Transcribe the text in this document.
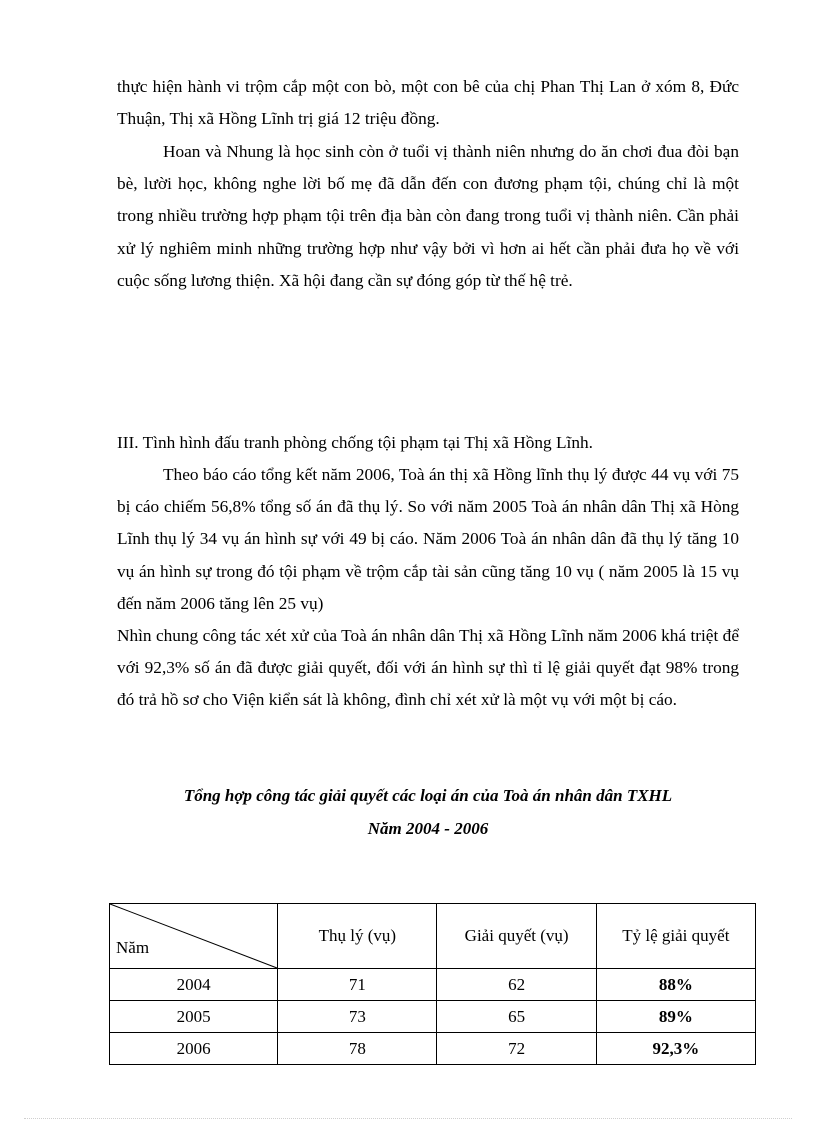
thực hiện hành vi trộm cắp một con bò, một con bê của chị Phan Thị Lan ở xóm 8, Đức Thuận, Thị xã Hồng Lĩnh trị giá 12 triệu đồng.

Hoan và Nhung là học sinh còn ở tuổi vị thành niên nhưng do ăn chơi đua đòi bạn bè, lười học, không nghe lời bố mẹ đã dẫn đến con đương phạm tội, chúng chỉ là một trong nhiều trường hợp phạm tội trên địa bàn còn đang trong tuổi vị thành niên. Cần phải xử lý nghiêm minh những trường hợp như vậy bởi vì hơn ai hết cần phải đưa họ về với cuộc sống lương thiện. Xã hội đang cần sự đóng góp từ thế hệ trẻ.

III. Tình hình đấu tranh phòng chống tội phạm tại Thị xã Hồng Lĩnh.

Theo báo cáo tổng kết năm 2006, Toà án thị xã Hồng lĩnh thụ lý được 44 vụ với 75 bị cáo chiếm 56,8% tổng số án đã thụ lý. So với năm 2005 Toà án nhân dân Thị xã Hòng Lĩnh thụ lý 34 vụ án hình sự với 49 bị cáo. Năm 2006 Toà án nhân dân đã thụ lý tăng 10 vụ án hình sự trong đó tội phạm về trộm cắp tài sản cũng tăng 10 vụ ( năm 2005 là 15 vụ đến năm 2006 tăng lên 25 vụ)

Nhìn chung công tác xét xử của Toà án nhân dân Thị xã Hồng Lĩnh năm 2006 khá triệt để với 92,3% số án đã được giải quyết, đối với án hình sự thì tỉ lệ giải quyết đạt 98% trong đó trả hồ sơ cho Viện kiển sát là không, đình chỉ xét xử là một vụ với một bị cáo.

Tổng hợp công tác giải quyết các loại án của Toà án nhân dân TXHL

Năm 2004 - 2006

Năm	Thụ lý (vụ)	Giải quyết (vụ)	Tỷ lệ giải quyết
2004	71	62	88%
2005	73	65	89%
2006	78	72	92,3%
